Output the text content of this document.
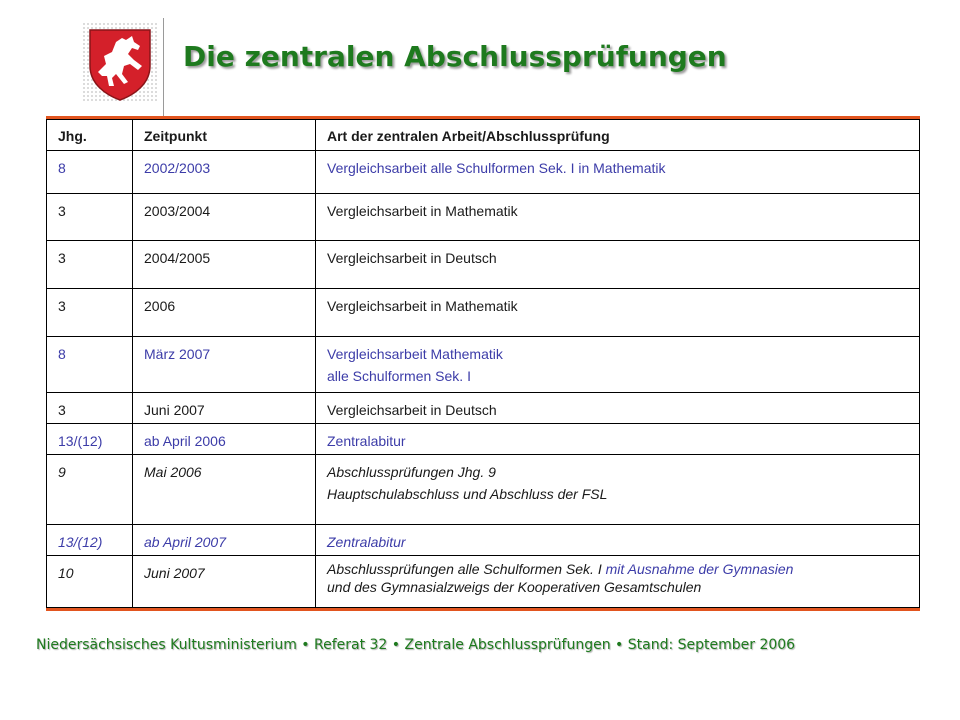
Die zentralen Abschlussprüfungen
Jhg.	Zeitpunkt	Art der zentralen Arbeit/Abschlussprüfung
8	2002/2003	Vergleichsarbeit alle Schulformen Sek. I in Mathematik
3	2003/2004	Vergleichsarbeit in Mathematik
3	2004/2005	Vergleichsarbeit in Deutsch
3	2006	Vergleichsarbeit in Mathematik
8	März 2007	Vergleichsarbeit Mathematik
alle Schulformen Sek. I

3	Juni 2007	Vergleichsarbeit in Deutsch
13/(12)	ab April 2006	Zentralabitur
9	Mai 2006	Abschlussprüfungen Jhg. 9
Hauptschulabschluss und Abschluss der FSL

13/(12)	ab April 2007	Zentralabitur
10	Juni 2007	Abschlussprüfungen alle Schulformen Sek. I mit Ausnahme der Gymnasien
und des Gymnasialzweigs der Kooperativen Gesamtschulen

Niedersächsisches Kultusministerium • Referat 32 • Zentrale Abschlussprüfungen • Stand: September 2006
